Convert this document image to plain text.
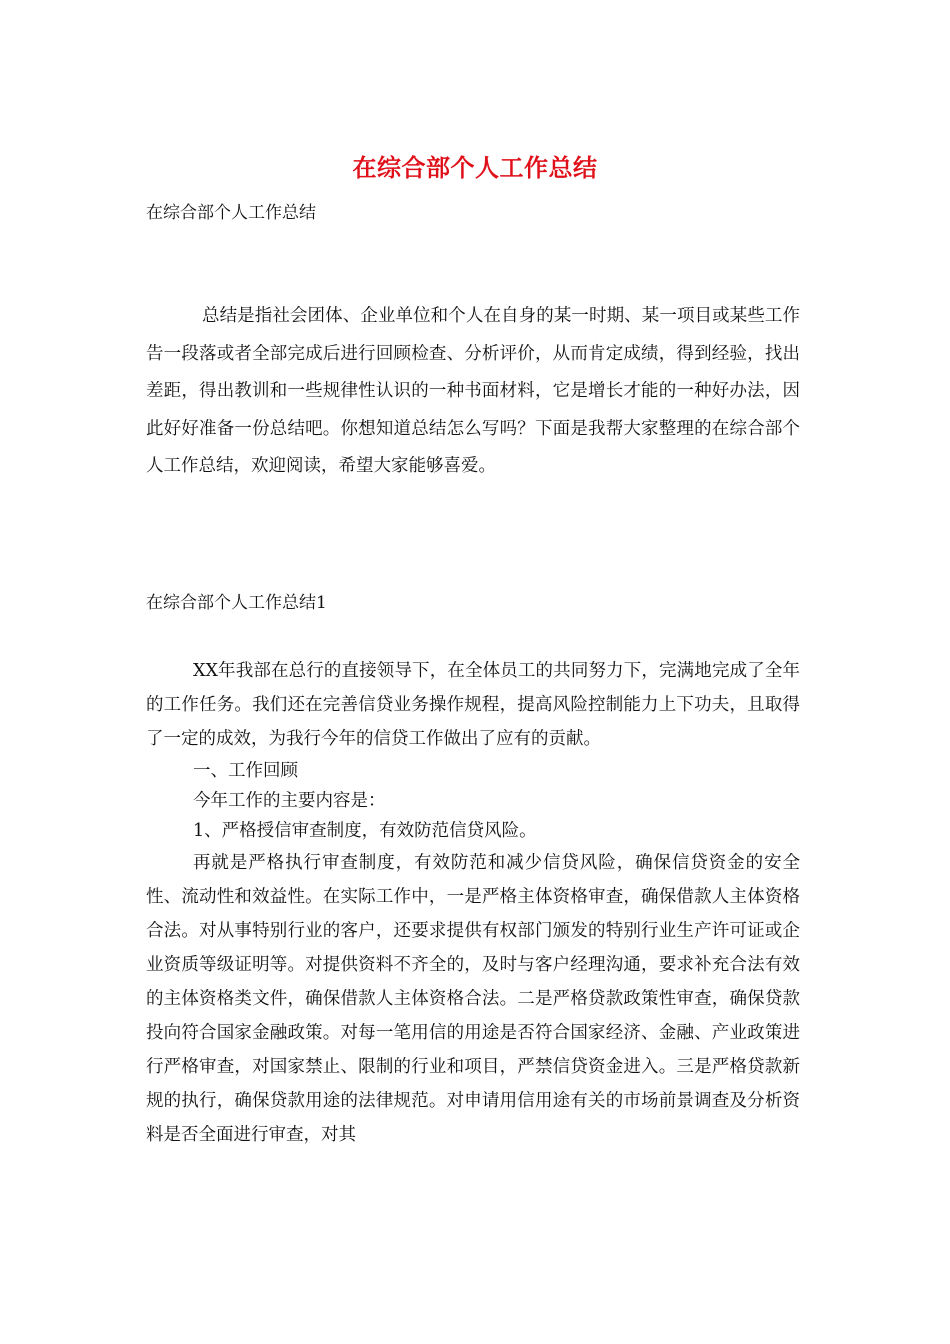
在综合部个人工作总结
在综合部个人工作总结
总结是指社会团体、企业单位和个人在自身的某一时期、某一项目或某些工作告一段落或者全部完成后进行回顾检查、分析评价，从而肯定成绩，得到经验，找出差距，得出教训和一些规律性认识的一种书面材料，它是增长才能的一种好办法，因此好好准备一份总结吧。你想知道总结怎么写吗？下面是我帮大家整理的在综合部个人工作总结，欢迎阅读，希望大家能够喜爱。
在综合部个人工作总结1

XX年我部在总行的直接领导下，在全体员工的共同努力下，完满地完成了全年的工作任务。我们还在完善信贷业务操作规程，提高风险控制能力上下功夫，且取得了一定的成效，为我行今年的信贷工作做出了应有的贡献。

一、工作回顾

今年工作的主要内容是：

1、严格授信审查制度，有效防范信贷风险。

再就是严格执行审查制度，有效防范和减少信贷风险，确保信贷资金的安全性、流动性和效益性。在实际工作中，一是严格主体资格审查，确保借款人主体资格合法。对从事特别行业的客户，还要求提供有权部门颁发的特别行业生产许可证或企业资质等级证明等。对提供资料不齐全的，及时与客户经理沟通，要求补充合法有效的主体资格类文件，确保借款人主体资格合法。二是严格贷款政策性审查，确保贷款投向符合国家金融政策。对每一笔用信的用途是否符合国家经济、金融、产业政策进行严格审查，对国家禁止、限制的行业和项目，严禁信贷资金进入。三是严格贷款新规的执行，确保贷款用途的法律规范。对申请用信用途有关的市场前景调查及分析资料是否全面进行审查，对其
